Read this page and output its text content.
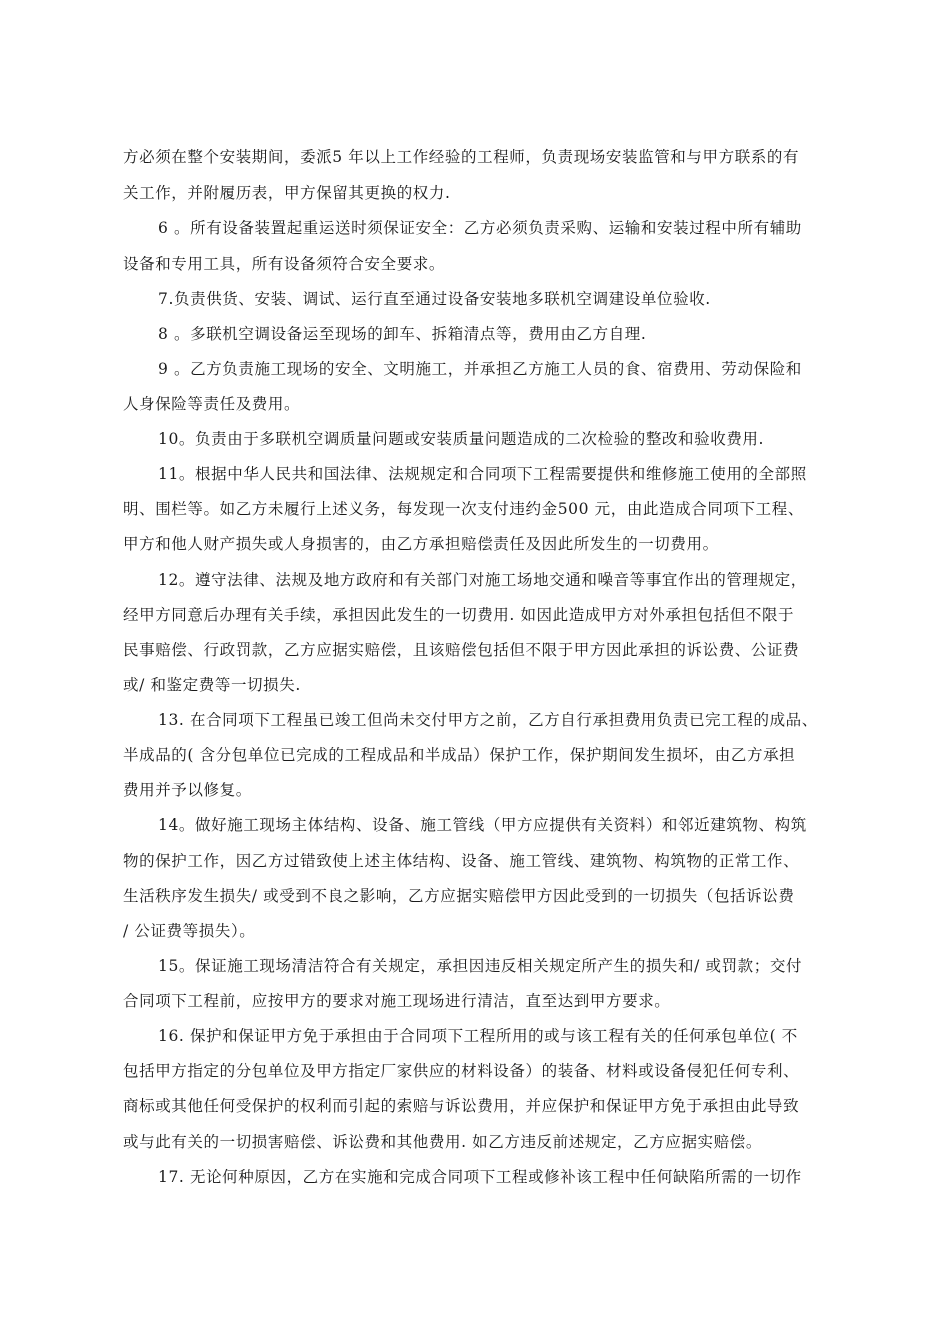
方必须在整个安装期间，委派5 年以上工作经验的工程师，负责现场安装监管和与甲方联系的有
关工作，并附履历表，甲方保留其更换的权力.
6 。所有设备装置起重运送时须保证安全：乙方必须负责采购、运输和安装过程中所有辅助
设备和专用工具，所有设备须符合安全要求。
7.负责供货、安装、调试、运行直至通过设备安装地多联机空调建设单位验收.
8 。多联机空调设备运至现场的卸车、拆箱清点等，费用由乙方自理.
9 。乙方负责施工现场的安全、文明施工，并承担乙方施工人员的食、宿费用、劳动保险和
人身保险等责任及费用。
10。负责由于多联机空调质量问题或安装质量问题造成的二次检验的整改和验收费用.
11。根据中华人民共和国法律、法规规定和合同项下工程需要提供和维修施工使用的全部照
明、围栏等。如乙方未履行上述义务，每发现一次支付违约金500 元，由此造成合同项下工程、
甲方和他人财产损失或人身损害的，由乙方承担赔偿责任及因此所发生的一切费用。
12。遵守法律、法规及地方政府和有关部门对施工场地交通和噪音等事宜作出的管理规定，
经甲方同意后办理有关手续，承担因此发生的一切费用. 如因此造成甲方对外承担包括但不限于
民事赔偿、行政罚款，乙方应据实赔偿，且该赔偿包括但不限于甲方因此承担的诉讼费、公证费
或/ 和鉴定费等一切损失.
13. 在合同项下工程虽已竣工但尚未交付甲方之前，乙方自行承担费用负责已完工程的成品、
半成品的( 含分包单位已完成的工程成品和半成品）保护工作，保护期间发生损坏，由乙方承担
费用并予以修复。
14。做好施工现场主体结构、设备、施工管线（甲方应提供有关资料）和邻近建筑物、构筑
物的保护工作，因乙方过错致使上述主体结构、设备、施工管线、建筑物、构筑物的正常工作、
生活秩序发生损失/ 或受到不良之影响，乙方应据实赔偿甲方因此受到的一切损失（包括诉讼费
/ 公证费等损失）。
15。保证施工现场清洁符合有关规定，承担因违反相关规定所产生的损失和/ 或罚款；交付
合同项下工程前，应按甲方的要求对施工现场进行清洁，直至达到甲方要求。
16. 保护和保证甲方免于承担由于合同项下工程所用的或与该工程有关的任何承包单位( 不
包括甲方指定的分包单位及甲方指定厂家供应的材料设备）的装备、材料或设备侵犯任何专利、
商标或其他任何受保护的权利而引起的索赔与诉讼费用，并应保护和保证甲方免于承担由此导致
或与此有关的一切损害赔偿、诉讼费和其他费用. 如乙方违反前述规定，乙方应据实赔偿。
17. 无论何种原因，乙方在实施和完成合同项下工程或修补该工程中任何缺陷所需的一切作
